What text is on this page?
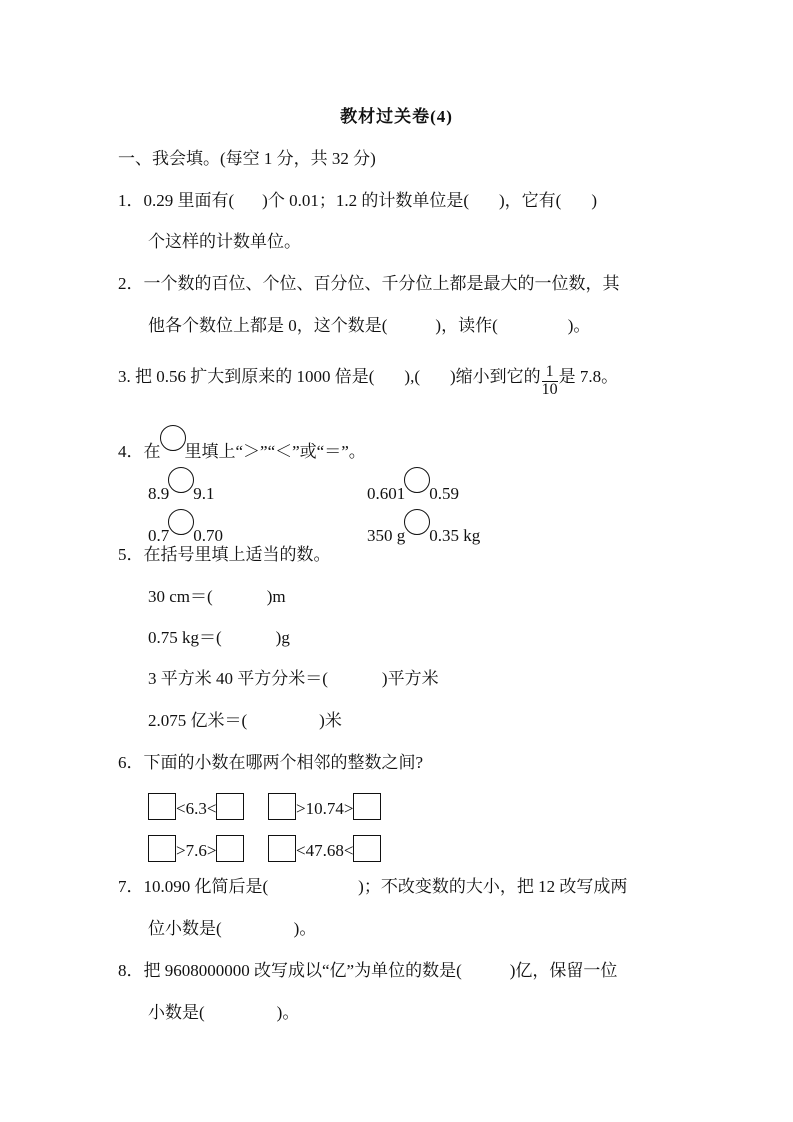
教材过关卷(4)
一、我会填。(每空 1 分，共 32 分)
1．0.29 里面有( )个 0.01；1.2 的计数单位是( )，它有( )
个这样的计数单位。
2．一个数的百位、个位、百分位、千分位上都是最大的一位数，其
他各个数位上都是 0，这个数是(	)，读作(	)。
3. 把 0.56 扩大到原来的 1000 倍是( ),( )缩小到它的 $\frac{1}{10}$ 是 7.8。
4．在 里填上“＞”“＜”或“＝”。
8.9 9.1	0.601 0.59
0.7 0.70	350 g 0.35 kg
5．在括号里填上适当的数。
30 cm＝(	)m
0.75 kg＝(	)g
3 平方米 40 平方分米＝(	)平方米
2.075 亿米＝(	)米
6．下面的小数在哪两个相邻的整数之间?
<6.3<	>10.74>
>7.6>	<47.68<
7．10.090 化简后是(	)；不改变数的大小，把 12 改写成两
位小数是(	)。
8．把 9608000000 改写成以“亿”为单位的数是(	)亿，保留一位
小数是(	)。
